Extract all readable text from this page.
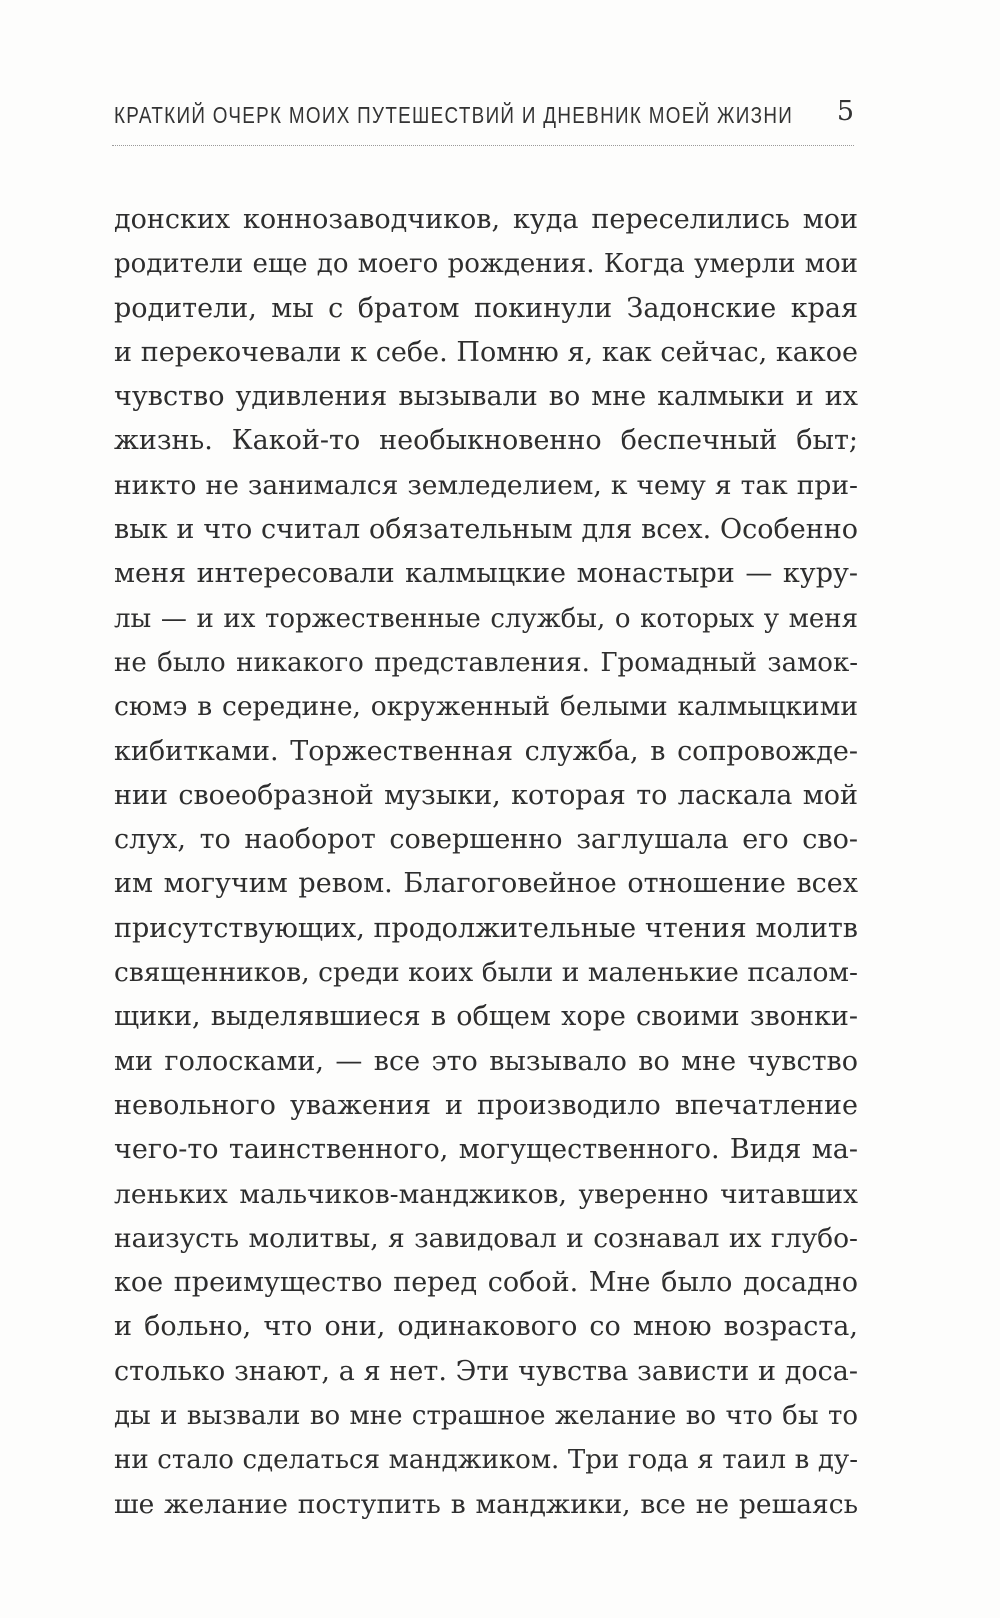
КРАТКИЙ ОЧЕРК МОИХ ПУТЕШЕСТВИЙ И ДНЕВНИК МОЕЙ ЖИЗНИ 5
донских коннозаводчиков, куда переселились мои
родители еще до моего рождения. Когда умерли мои
родители, мы с братом покинули Задонские края
и перекочевали к себе. Помню я, как сейчас, какое
чувство удивления вызывали во мне калмыки и их
жизнь. Какой-то необыкновенно беспечный быт;
никто не занимался земледелием, к чему я так при-
вык и что считал обязательным для всех. Особенно
меня интересовали калмыцкие монастыри — куру-
лы — и их торжественные службы, о которых у меня
не было никакого представления. Громадный замок-
сюмэ в середине, окруженный белыми калмыцкими
кибитками. Торжественная служба, в сопровожде-
нии своеобразной музыки, которая то ласкала мой
слух, то наоборот совершенно заглушала его сво-
им могучим ревом. Благоговейное отношение всех
присутствующих, продолжительные чтения молитв
священников, среди коих были и маленькие псалом-
щики, выделявшиеся в общем хоре своими звонки-
ми голосками, — все это вызывало во мне чувство
невольного уважения и производило впечатление
чего-то таинственного, могущественного. Видя ма-
леньких мальчиков-манджиков, уверенно читавших
наизусть молитвы, я завидовал и сознавал их глубо-
кое преимущество перед собой. Мне было досадно
и больно, что они, одинакового со мною возраста,
столько знают, а я нет. Эти чувства зависти и доса-
ды и вызвали во мне страшное желание во что бы то
ни стало сделаться манджиком. Три года я таил в ду-
ше желание поступить в манджики, все не решаясь
